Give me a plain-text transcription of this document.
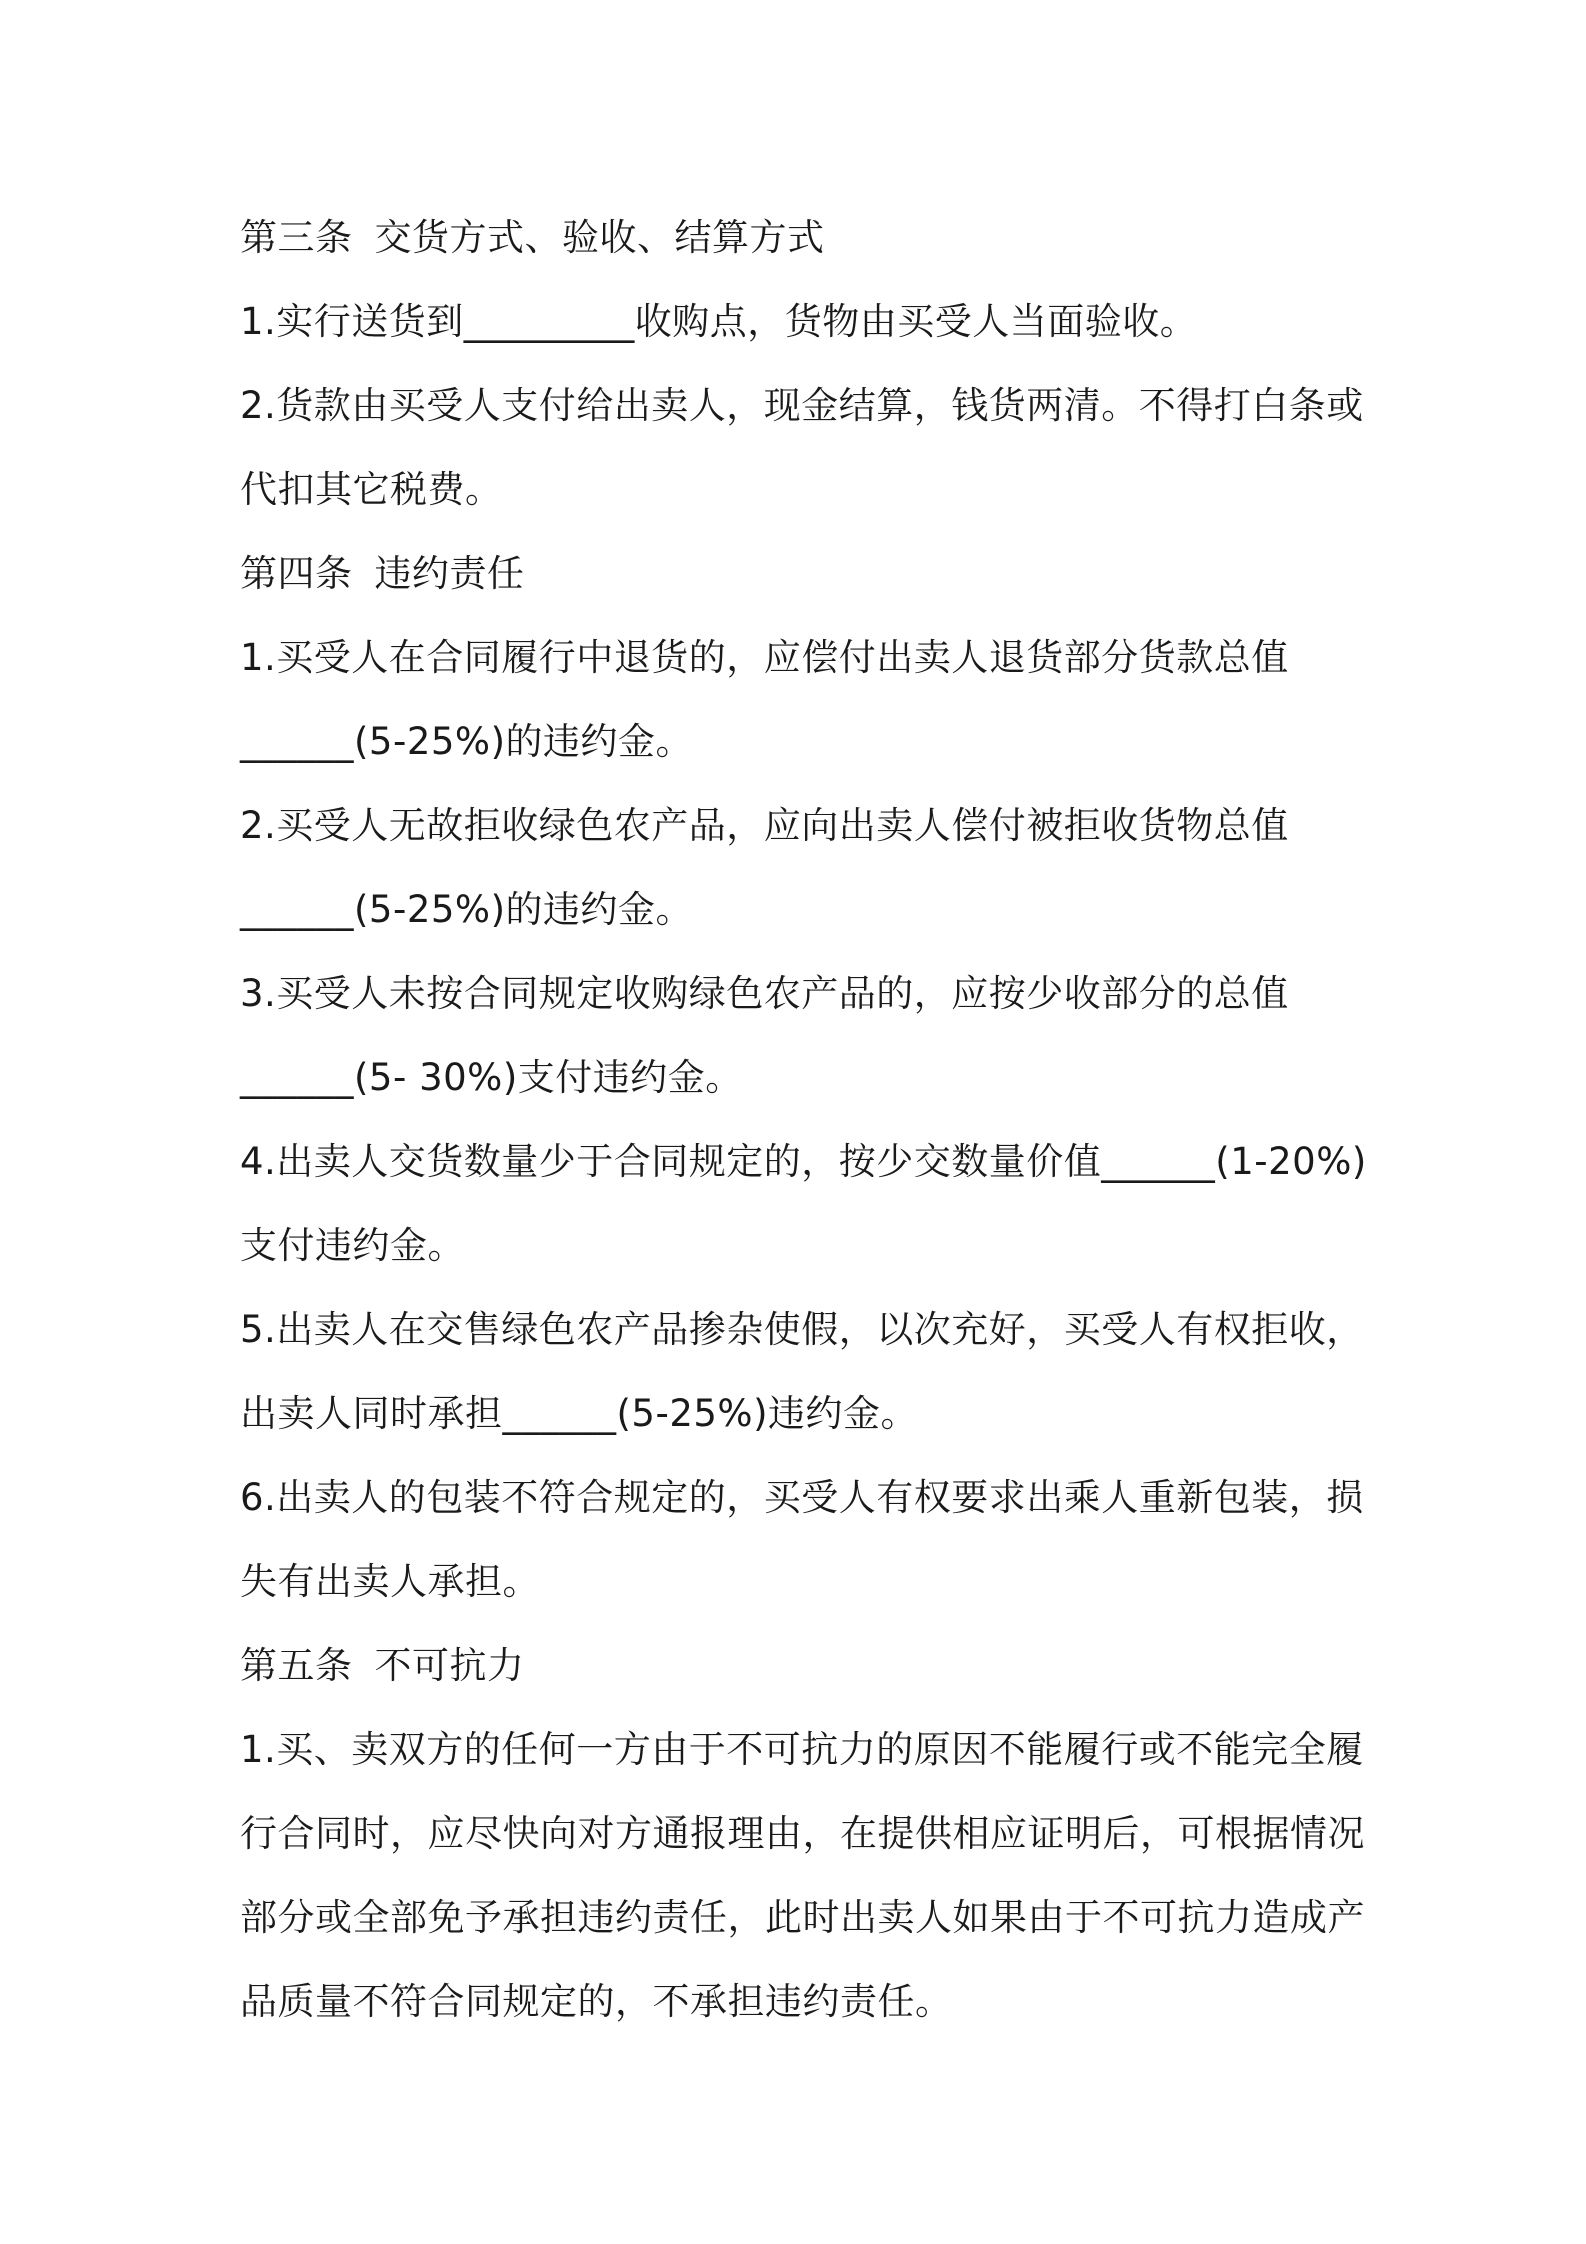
第三条 交货方式、验收、结算方式
1.实行送货到_________收购点，货物由买受人当面验收。
2.货款由买受人支付给出卖人，现金结算，钱货两清。不得打白条或
代扣其它税费。
第四条 违约责任
1.买受人在合同履行中退货的，应偿付出卖人退货部分货款总值
______(5-25%)的违约金。
2.买受人无故拒收绿色农产品，应向出卖人偿付被拒收货物总值
______(5-25%)的违约金。
3.买受人未按合同规定收购绿色农产品的，应按少收部分的总值
______(5- 30%)支付违约金。
4.出卖人交货数量少于合同规定的，按少交数量价值______(1-20%)
支付违约金。
5.出卖人在交售绿色农产品掺杂使假，以次充好，买受人有权拒收，
出卖人同时承担______(5-25%)违约金。
6.出卖人的包装不符合规定的，买受人有权要求出乘人重新包装，损
失有出卖人承担。
第五条 不可抗力
1.买、卖双方的任何一方由于不可抗力的原因不能履行或不能完全履
行合同时，应尽快向对方通报理由，在提供相应证明后，可根据情况
部分或全部免予承担违约责任，此时出卖人如果由于不可抗力造成产
品质量不符合同规定的，不承担违约责任。
